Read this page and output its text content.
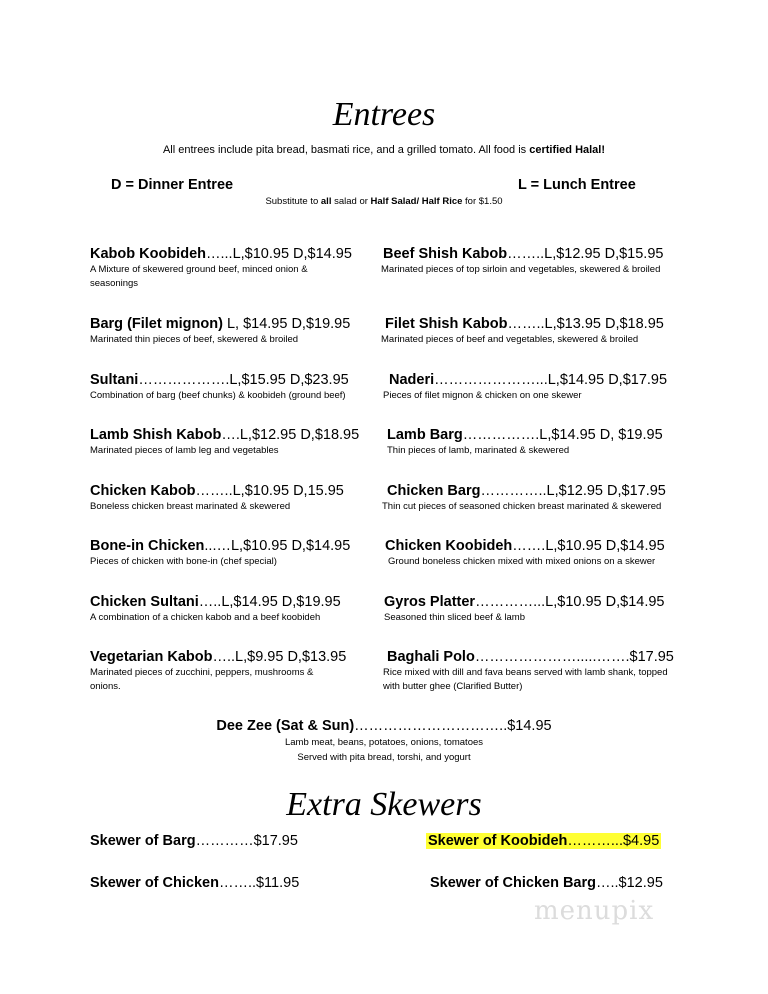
Entrees
All entrees include pita bread, basmati rice, and a grilled tomato. All food is certified Halal!
D = Dinner Entree	L = Lunch Entree
Substitute to all salad or Half Salad/ Half Rice for $1.50
Kabob Koobideh…...L,$10.95 D,$14.95
A Mixture of skewered ground beef, minced onion & seasonings
Barg (Filet mignon) L, $14.95 D,$19.95
Marinated thin pieces of beef, skewered & broiled
Sultani……………….L,$15.95 D,$23.95
Combination of barg (beef chunks) & koobideh (ground beef)
Lamb Shish Kabob….L,$12.95 D,$18.95
Marinated pieces of lamb leg and vegetables
Chicken Kabob……..L,$10.95 D,15.95
Boneless chicken breast marinated & skewered
Bone-in Chicken...…L,$10.95 D,$14.95
Pieces of chicken with bone-in (chef special)
Chicken Sultani…..L,$14.95 D,$19.95
A combination of a chicken kabob and a beef koobideh
Vegetarian Kabob…..L,$9.95 D,$13.95
Marinated pieces of zucchini, peppers, mushrooms & onions.
Beef Shish Kabob……..L,$12.95 D,$15.95
Marinated pieces of top sirloin and vegetables, skewered & broiled
Filet Shish Kabob……..L,$13.95 D,$18.95
Marinated pieces of beef and vegetables, skewered & broiled
Naderi…………………...L,$14.95 D,$17.95
Pieces of filet mignon & chicken on one skewer
Lamb Barg…………….L,$14.95 D, $19.95
Thin pieces of lamb, marinated & skewered
Chicken Barg…………..L,$12.95 D,$17.95
Thin cut pieces of seasoned chicken breast marinated & skewered
Chicken Koobideh…….L,$10.95 D,$14.95
Ground boneless chicken mixed with mixed onions on a skewer
Gyros Platter…………...L,$10.95 D,$14.95
Seasoned thin sliced beef & lamb
Baghali Polo………………….....…….$17.95
Rice mixed with dill and fava beans served with lamb shank, topped with butter ghee (Clarified Butter)
Dee Zee (Sat & Sun)…………………………..$14.95
Lamb meat, beans, potatoes, onions, tomatoes
Served with pita bread, torshi, and yogurt
Extra Skewers
Skewer of Barg…………$17.95	Skewer of Koobideh………...$4.95
Skewer of Chicken……..$11.95	Skewer of Chicken Barg…..$12.95
menupix
